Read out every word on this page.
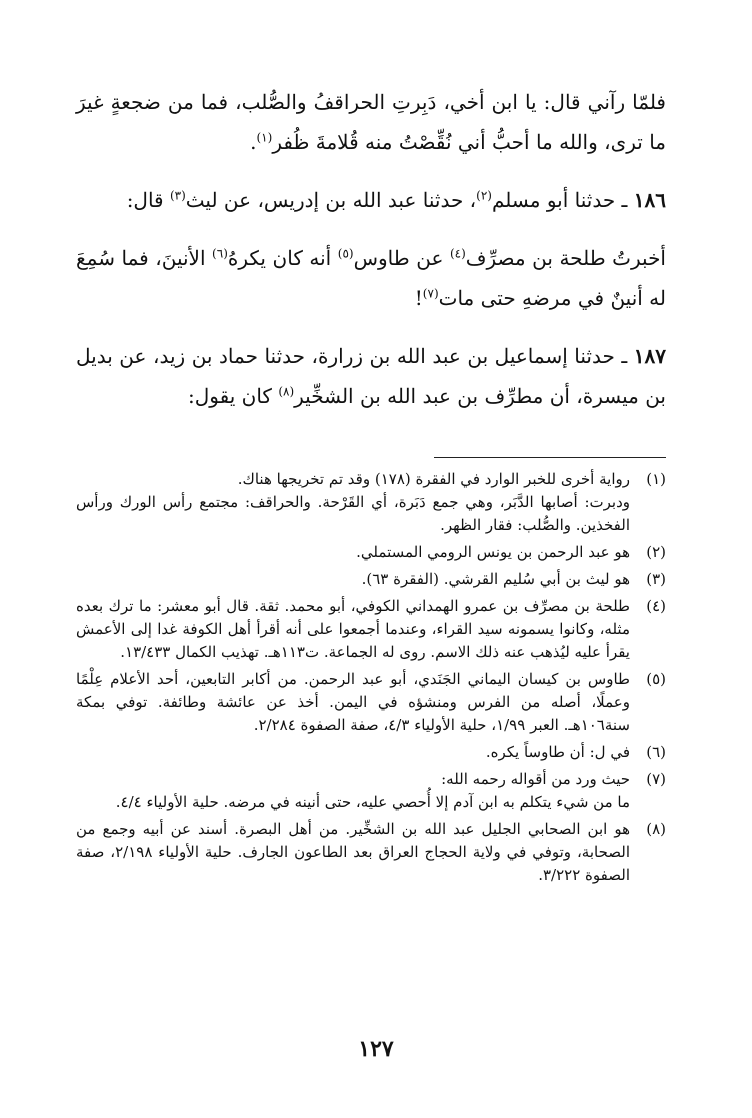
فلمّا رآني قال: يا ابن أخي، دَبِرتِ الحراقفُ والصُّلب، فما من ضجعةٍ غيرَ ما ترى، والله ما أحبُّ أني نُقِّصْتُ منه قُلامةَ ظُفر$^{(١)}$.

١٨٦ ـ حدثنا أبو مسلم$^{(٢)}$، حدثنا عبد الله بن إدريس، عن ليث$^{(٣)}$ قال:

أخبرتُ طلحة بن مصرِّف$^{(٤)}$ عن طاوس$^{(٥)}$ أنه كان يكرهُ$^{(٦)}$ الأنينَ، فما سُمِعَ له أنينٌ في مرضهِ حتى مات$^{(٧)}$!

١٨٧ ـ حدثنا إسماعيل بن عبد الله بن زرارة، حدثنا حماد بن زيد، عن بديل بن ميسرة، أن مطرِّف بن عبد الله بن الشخِّير$^{(٨)}$ كان يقول:

(١)
رواية أخرى للخبر الوارد في الفقرة (١٧٨) وقد تم تخريجها هناك.
ودبرت: أصابها الدَّبَر، وهي جمع دَبَرة، أي القَرْحة. والحراقف: مجتمع رأس الورك ورأس الفخذين. والصُّلب: فقار الظهر.
(٢)
هو عبد الرحمن بن يونس الرومي المستملي.
(٣)
هو ليث بن أبي سُليم القرشي. (الفقرة ٦٣).
(٤)
طلحة بن مصرِّف بن عمرو الهمداني الكوفي، أبو محمد. ثقة. قال أبو معشر: ما ترك بعده مثله، وكانوا يسمونه سيد القراء، وعندما أجمعوا على أنه أقرأ أهل الكوفة غدا إلى الأعمش يقرأ عليه ليُذهب عنه ذلك الاسم. روى له الجماعة. ت١١٣هـ. تهذيب الكمال ١٣/٤٣٣.
(٥)
طاوس بن كيسان اليماني الجَنَدي، أبو عبد الرحمن. من أكابر التابعين، أحد الأعلام عِلْمًا وعملًا، أصله من الفرس ومنشؤه في اليمن. أخذ عن عائشة وطائفة. توفي بمكة سنة١٠٦هـ. العبر ١/٩٩، حلية الأولياء ٤/٣، صفة الصفوة ٢/٢٨٤.
(٦)
في ل: أن طاوساً يكره.
(٧)
حيث ورد من أقواله رحمه الله:
ما من شيء يتكلم به ابن آدم إلا أُحصي عليه، حتى أنينه في مرضه. حلية الأولياء ٤/٤.
(٨)
هو ابن الصحابي الجليل عبد الله بن الشخِّير. من أهل البصرة. أسند عن أبيه وجمع من الصحابة، وتوفي في ولاية الحجاج العراق بعد الطاعون الجارف. حلية الأولياء ٢/١٩٨، صفة الصفوة ٣/٢٢٢.
١٢٧
